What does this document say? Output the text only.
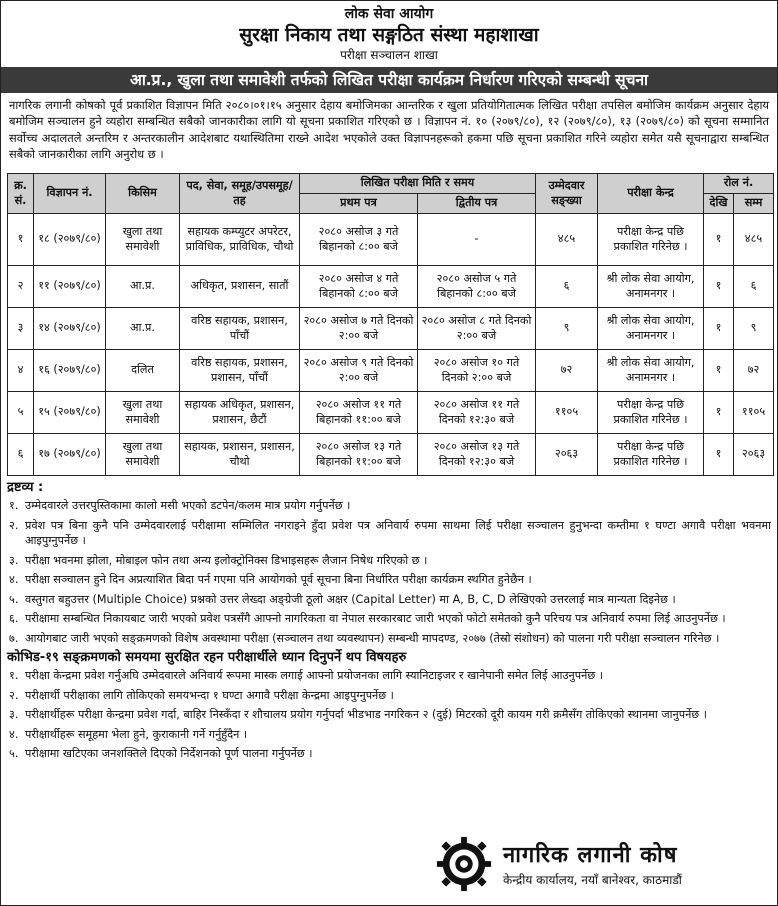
लोक सेवा आयोग
सुरक्षा निकाय तथा सङ्गठित संस्था महाशाखा
परीक्षा सञ्चालन शाखा
आ.प्र., खुला तथा समावेशी तर्फको लिखित परीक्षा कार्यक्रम निर्धारण गरिएको सम्बन्धी सूचना

नागरिक लगानी कोषको पूर्व प्रकाशित विज्ञापन मिति २०८०।०१।१५ अनुसार देहाय बमोजिमका आन्तरिक र खुला प्रतियोगितात्मक लिखित परीक्षा तपसिल बमोजिम कार्यक्रम अनुसार देहाय बमोजिम सञ्चालन हुने व्यहोरा सम्बन्धित सबैको जानकारीका लागि यो सूचना प्रकाशित गरिएको छ । विज्ञापन नं. १० (२०७९/८०), १२ (२०७९/८०), १३ (२०७९/८०) को सूचना सम्मानित सर्वोच्च अदालतले अन्तरिम र अन्तरकालीन आदेशबाट यथास्थितिमा राख्ने आदेश भएकोले उक्त विज्ञापनहरूको हकमा पछि सूचना प्रकाशित गरिने व्यहोरा समेत यसै सूचनाद्वारा सम्बन्धित सबैको जानकारीका लागि अनुरोध छ ।

क्र. सं.	विज्ञापन नं.	किसिम	पद, सेवा, समूह/उपसमूह/ तह	लिखित परीक्षा मिति र समय		उम्मेदवार सङ्ख्या	परीक्षा केन्द्र	रोल नं.	
				प्रथम पत्र	द्वितीय पत्र			देखि	सम्म
१	१८ (२०७९/८०)	खुला तथा समावेशी	सहायक कम्प्युटर अपरेटर, प्राविधिक, प्राविधिक, चौथो	२०८० असोज ३ गते बिहानको ८:०० बजे	-	४८५	परीक्षा केन्द्र पछि प्रकाशित गरिनेछ ।	१	४८५
२	११ (२०७९/८०)	आ.प्र.	अधिकृत, प्रशासन, सातौं	२०८० असोज ४ गते बिहानको ८:०० बजे	२०८० असोज ५ गते बिहानको ८:०० बजे	६	श्री लोक सेवा आयोग, अनामनगर ।	१	६
३	१४ (२०७९/८०)	आ.प्र.	वरिष्ठ सहायक, प्रशासन, पाँचौं	२०८० असोज ७ गते दिनको २:०० बजे	२०८० असोज ८ गते दिनको २:०० बजे	९	श्री लोक सेवा आयोग, अनामनगर ।	१	९
४	१६ (२०७९/८०)	दलित	वरिष्ठ सहायक, प्रशासन, प्रशासन, पाँचौं	२०८० असोज ९ गते दिनको २:०० बजे	२०८० असोज १० गते दिनको २:०० बजे	७२	श्री लोक सेवा आयोग, अनामनगर ।	१	७२
५	१५ (२०७९/८०)	खुला तथा समावेशी	सहायक अधिकृत, प्रशासन, प्रशासन, छैटौं	२०८० असोज ११ गते बिहानको ११:०० बजे	२०८० असोज ११ गते दिनको १२:३० बजे	११०५	परीक्षा केन्द्र पछि प्रकाशित गरिनेछ ।	१	११०५
६	१७ (२०७९/८०)	खुला तथा समावेशी	सहायक, प्रशासन, प्रशासन, चौथो	२०८० असोज १३ गते बिहानको ११:०० बजे	२०८० असोज १३ गते दिनको १२:३० बजे	२०६३	परीक्षा केन्द्र पछि प्रकाशित गरिनेछ ।	१	२०६३
द्रष्टव्य :
१. उम्मेदवारले उत्तरपुस्तिकामा कालो मसी भएको डटपेन/कलम मात्र प्रयोग गर्नुपर्नेछ ।
२. प्रवेश पत्र बिना कुनै पनि उम्मेदवारलाई परीक्षामा सम्मिलित नगराइने हुँदा प्रवेश पत्र अनिवार्य रुपमा साथमा लिई परीक्षा सञ्चालन हुनुभन्दा कम्तीमा १ घण्टा अगावै परीक्षा भवनमा आइपुग्नुपर्नेछ ।
३. परीक्षा भवनमा झोला, मोबाइल फोन तथा अन्य इलोक्ट्रोनिक्स डिभाइसहरू लैजान निषेध गरिएको छ ।
४. परीक्षा सञ्चालन हुने दिन अप्रत्याशित बिदा पर्न गएमा पनि आयोगको पूर्व सूचना बिना निर्धारित परीक्षा कार्यक्रम स्थगित हुनेछैन ।
५. वस्तुगत बहुउत्तर (Multiple Choice) प्रश्नको उत्तर लेख्दा अङ्ग्रेजी ठूलो अक्षर (Capital Letter) मा A, B, C, D लेखिएको उत्तरलाई मात्र मान्यता दिइनेछ ।
६. परीक्षामा सम्बन्धित निकायबाट जारी भएको प्रवेश पत्रसँगै आफ्नो नागरिकता वा नेपाल सरकारबाट जारी भएको फोटो समेतको कुनै परिचय पत्र अनिवार्य रुपमा लिई आउनुपर्नेछ ।
७. आयोगबाट जारी भएको सङ्क्रमणको विशेष अवस्थामा परीक्षा (सञ्चालन तथा व्यवस्थापन) सम्बन्धी मापदण्ड, २०७७ (तेस्रो संशोधन) को पालना गरी परीक्षा सञ्चालन गरिनेछ ।
कोभिड-१९ सङ्क्रमणको समयमा सुरक्षित रहन परीक्षार्थीले ध्यान दिनुपर्ने थप विषयहरु
१. परीक्षा केन्द्रमा प्रवेश गर्नुअघि उम्मेदवारले अनिवार्य रूपमा मास्क लगाई आफ्नो प्रयोजनका लागि स्यानिटाइजर र खानेपानी समेत लिई आउनुपर्नेछ ।
२. परीक्षार्थी परीक्षाका लागि तोकिएको समयभन्दा १ घण्टा अगावै परीक्षा केन्द्रमा आइपुग्नुपर्नेछ ।
३. परीक्षार्थीहरू परीक्षा केन्द्रमा प्रवेश गर्दा, बाहिर निस्कँदा र शौचालय प्रयोग गर्नुपर्दा भीडभाड नगरिकन २ (दुई) मिटरको दूरी कायम गरी क्रमैसँग तोकिएको स्थानमा जानुपर्नेछ ।
४. परीक्षार्थीहरू समूहमा भेला हुने, कुराकानी गर्ने गर्नुहुँदैन ।
५. परीक्षामा खटिएका जनशक्तिले दिएको निर्देशनको पूर्ण पालना गर्नुपर्नेछ ।
नागरिक लगानी कोष
केन्द्रीय कार्यालय, नयाँ बानेश्वर, काठमाडौं
